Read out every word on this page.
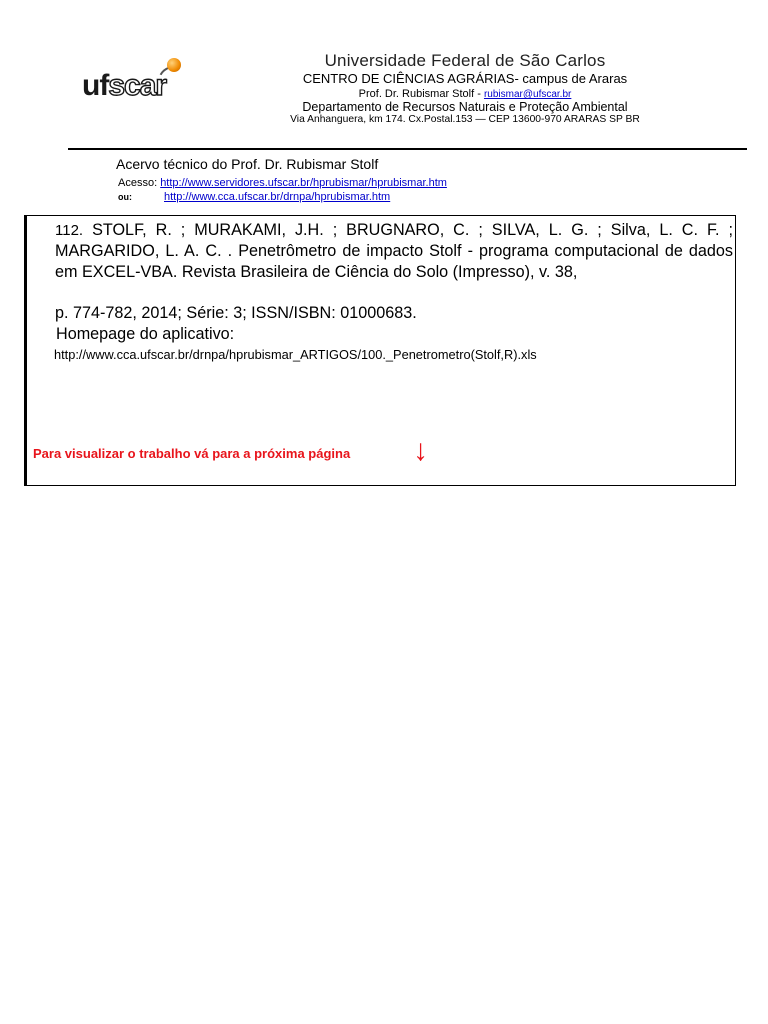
ufscar
Universidade Federal de São Carlos
CENTRO DE CIÊNCIAS AGRÁRIAS- campus de Araras
Prof. Dr. Rubismar Stolf - rubismar@ufscar.br
Departamento de Recursos Naturais e Proteção Ambiental
Via Anhanguera, km 174. Cx.Postal.153 — CEP 13600-970 ARARAS SP BR
Acervo técnico do Prof. Dr. Rubismar Stolf
Acesso: http://www.servidores.ufscar.br/hprubismar/hprubismar.htm
ou:	http://www.cca.ufscar.br/drnpa/hprubismar.htm
112. STOLF, R. ; MURAKAMI, J.H. ; BRUGNARO, C. ; SILVA, L. G. ; Silva, L. C. F. ; MARGARIDO, L. A. C. . Penetrômetro de impacto Stolf - programa computacional de dados em EXCEL-VBA. Revista Brasileira de Ciência do Solo (Impresso), v. 38,
p. 774-782, 2014; Série: 3; ISSN/ISBN: 01000683.
Homepage do aplicativo:
http://www.cca.ufscar.br/drnpa/hprubismar_ARTIGOS/100._Penetrometro(Stolf,R).xls
Para visualizar o trabalho vá para a próxima página ↓
